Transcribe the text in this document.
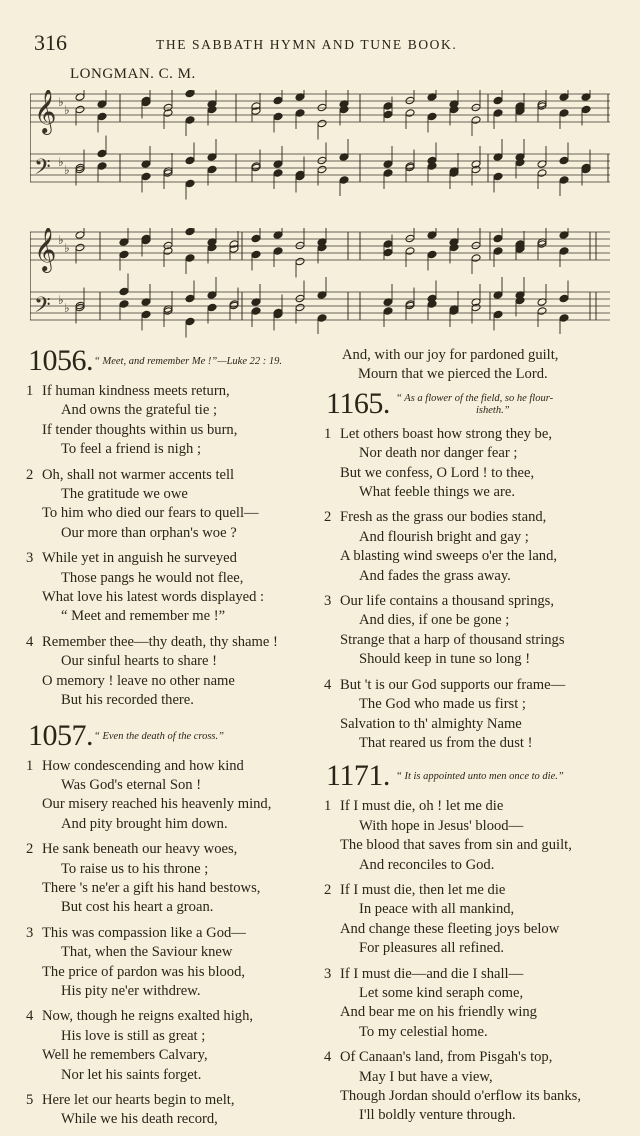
316	THE SABBATH HYMN AND TUNE BOOK.
LONGMAN. C. M.
𝄞
𝄢
♭
♭
♭
♭
𝄞
𝄢
♭
♭
♭
♭
1056. “ Meet, and remember Me !”—Luke 22 : 19.
1 If human kindness meets return,
And owns the grateful tie ;
If tender thoughts within us burn,
To feel a friend is nigh ;
2 Oh, shall not warmer accents tell
The gratitude we owe
To him who died our fears to quell—
Our more than orphan's woe ?
3 While yet in anguish he surveyed
Those pangs he would not flee,
What love his latest words displayed :
“ Meet and remember me !”
4 Remember thee—thy death, thy shame !
Our sinful hearts to share !
O memory ! leave no other name
But his recorded there.
1057. “ Even the death of the cross.”
1 How condescending and how kind
Was God's eternal Son !
Our misery reached his heavenly mind,
And pity brought him down.
2 He sank beneath our heavy woes,
To raise us to his throne ;
There 's ne'er a gift his hand bestows,
But cost his heart a groan.
3 This was compassion like a God—
That, when the Saviour knew
The price of pardon was his blood,
His pity ne'er withdrew.
4 Now, though he reigns exalted high,
His love is still as great ;
Well he remembers Calvary,
Nor let his saints forget.
5 Here let our hearts begin to melt,
While we his death record,
And, with our joy for pardoned guilt,
Mourn that we pierced the Lord.
1165. “ As a flower of the field, so he flour-
isheth.”
1 Let others boast how strong they be,
Nor death nor danger fear ;
But we confess, O Lord ! to thee,
What feeble things we are.
2 Fresh as the grass our bodies stand,
And flourish bright and gay ;
A blasting wind sweeps o'er the land,
And fades the grass away.
3 Our life contains a thousand springs,
And dies, if one be gone ;
Strange that a harp of thousand strings
Should keep in tune so long !
4 But 't is our God supports our frame—
The God who made us first ;
Salvation to th' almighty Name
That reared us from the dust !
1171. “ It is appointed unto men once to die.”
1 If I must die, oh ! let me die
With hope in Jesus' blood—
The blood that saves from sin and guilt,
And reconciles to God.
2 If I must die, then let me die
In peace with all mankind,
And change these fleeting joys below
For pleasures all refined.
3 If I must die—and die I shall—
Let some kind seraph come,
And bear me on his friendly wing
To my celestial home.
4 Of Canaan's land, from Pisgah's top,
May I but have a view,
Though Jordan should o'erflow its banks,
I'll boldly venture through.
